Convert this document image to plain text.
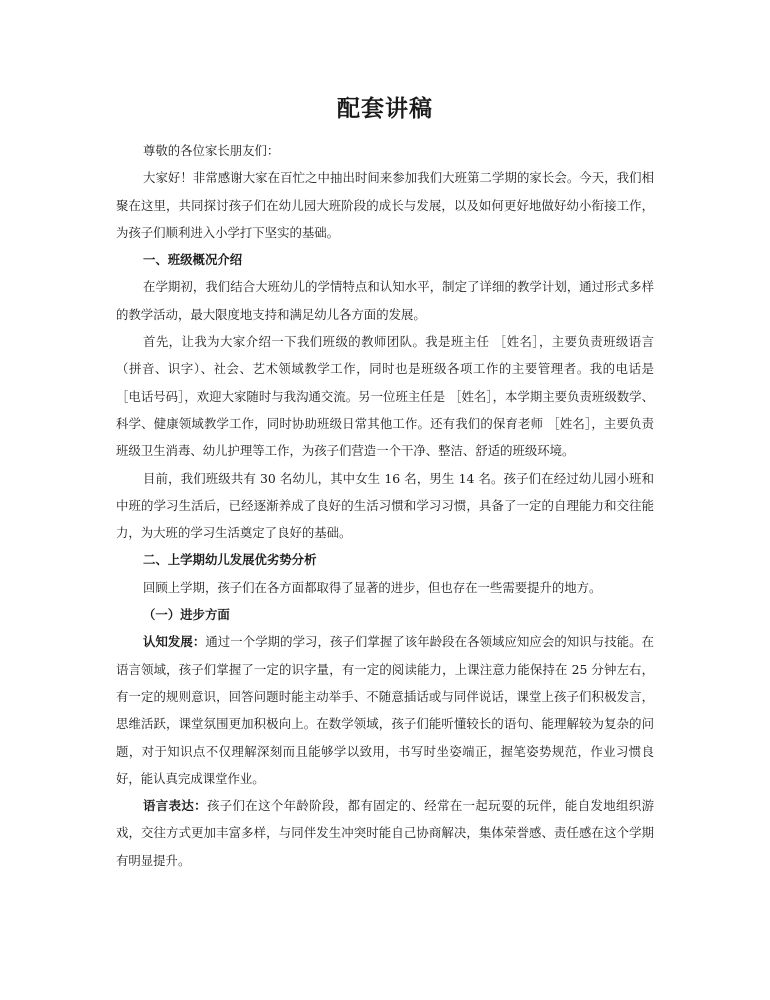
配套讲稿

尊敬的各位家长朋友们：

大家好！非常感谢大家在百忙之中抽出时间来参加我们大班第二学期的家长会。今天，我们相聚在这里，共同探讨孩子们在幼儿园大班阶段的成长与发展，以及如何更好地做好幼小衔接工作，为孩子们顺利进入小学打下坚实的基础。

一、班级概况介绍

在学期初，我们结合大班幼儿的学情特点和认知水平，制定了详细的教学计划，通过形式多样的教学活动，最大限度地支持和满足幼儿各方面的发展。

首先，让我为大家介绍一下我们班级的教师团队。我是班主任 ［姓名］，主要负责班级语言（拼音、识字）、社会、艺术领域教学工作，同时也是班级各项工作的主要管理者。我的电话是 ［电话号码］，欢迎大家随时与我沟通交流。另一位班主任是 ［姓名］，本学期主要负责班级数学、科学、健康领域教学工作，同时协助班级日常其他工作。还有我们的保育老师 ［姓名］，主要负责班级卫生消毒、幼儿护理等工作，为孩子们营造一个干净、整洁、舒适的班级环境。

目前，我们班级共有 30 名幼儿，其中女生 16 名，男生 14 名。孩子们在经过幼儿园小班和中班的学习生活后，已经逐渐养成了良好的生活习惯和学习习惯，具备了一定的自理能力和交往能力，为大班的学习生活奠定了良好的基础。

二、上学期幼儿发展优劣势分析

回顾上学期，孩子们在各方面都取得了显著的进步，但也存在一些需要提升的地方。

（一）进步方面

认知发展：通过一个学期的学习，孩子们掌握了该年龄段在各领域应知应会的知识与技能。在语言领域，孩子们掌握了一定的识字量，有一定的阅读能力，上课注意力能保持在 25 分钟左右，有一定的规则意识，回答问题时能主动举手、不随意插话或与同伴说话，课堂上孩子们积极发言，思维活跃，课堂氛围更加积极向上。在数学领域，孩子们能听懂较长的语句、能理解较为复杂的问题，对于知识点不仅理解深刻而且能够学以致用，书写时坐姿端正，握笔姿势规范，作业习惯良好，能认真完成课堂作业。

语言表达：孩子们在这个年龄阶段，都有固定的、经常在一起玩耍的玩伴，能自发地组织游戏，交往方式更加丰富多样，与同伴发生冲突时能自己协商解决，集体荣誉感、责任感在这个学期有明显提升。
